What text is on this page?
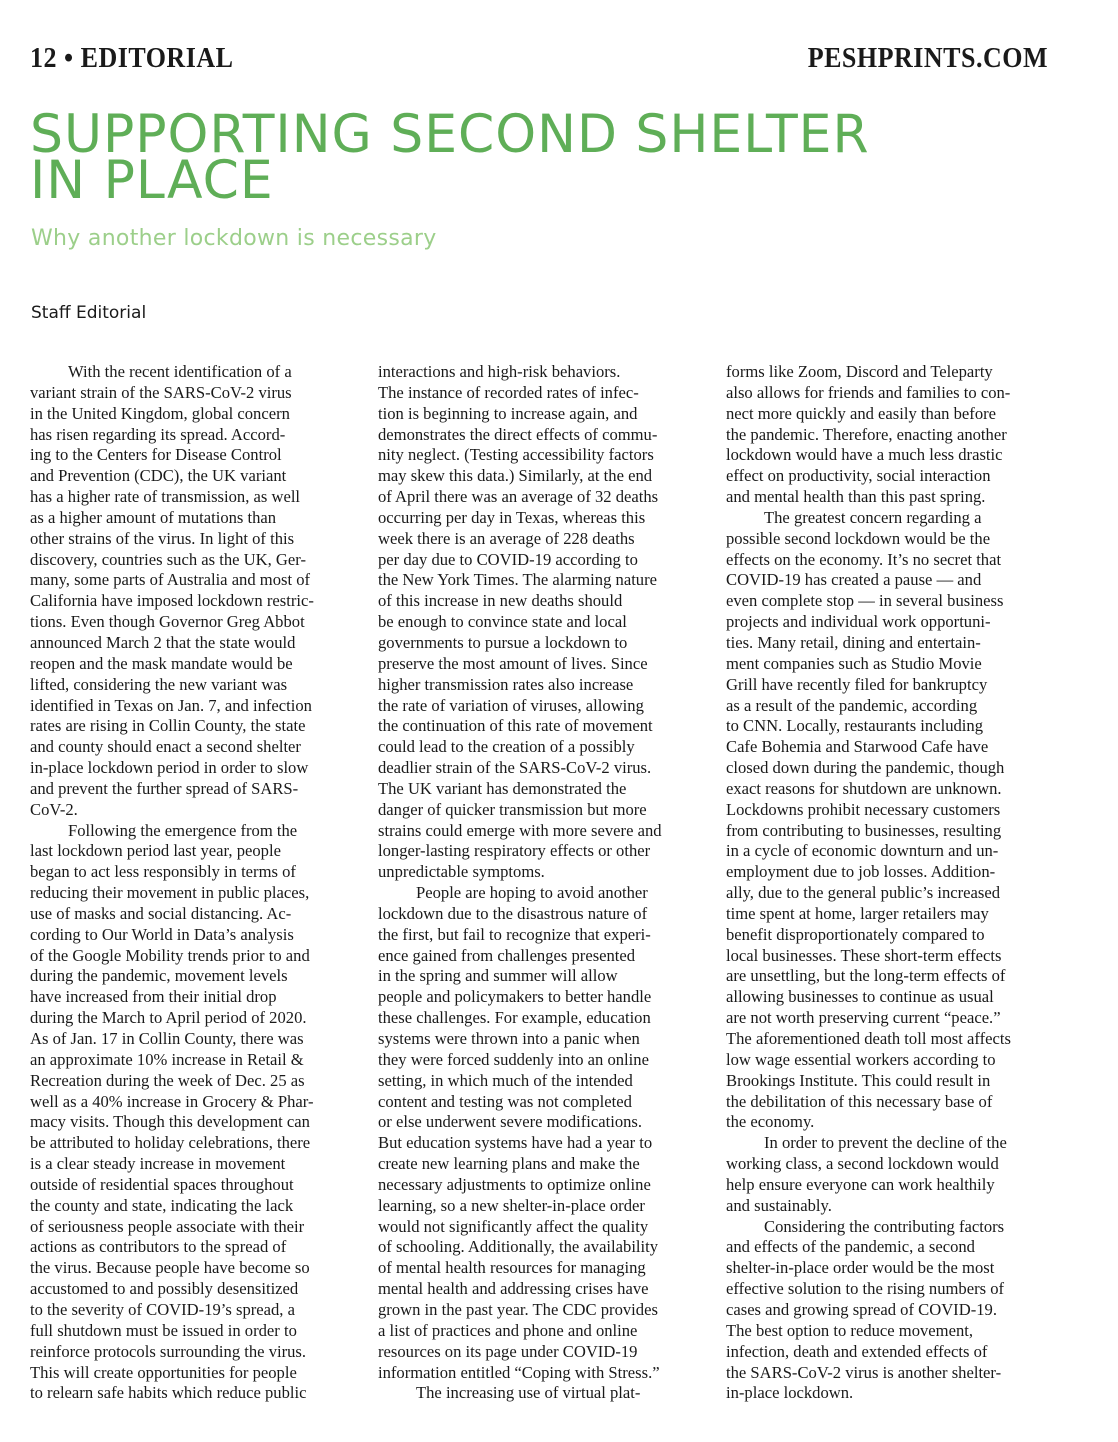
12 • EDITORIAL	PESHPRINTS.COM
SUPPORTING SECOND SHELTER
IN PLACE
Why another lockdown is necessary
Staff Editorial
With the recent identification of a
variant strain of the SARS-CoV-2 virus
in the United Kingdom, global concern
has risen regarding its spread. Accord-
ing to the Centers for Disease Control
and Prevention (CDC), the UK variant
has a higher rate of transmission, as well
as a higher amount of mutations than
other strains of the virus. In light of this
discovery, countries such as the UK, Ger-
many, some parts of Australia and most of
California have imposed lockdown restric-
tions. Even though Governor Greg Abbot
announced March 2 that the state would
reopen and the mask mandate would be
lifted, considering the new variant was
identified in Texas on Jan. 7, and infection
rates are rising in Collin County, the state
and county should enact a second shelter
in-place lockdown period in order to slow
and prevent the further spread of SARS-
CoV-2.
Following the emergence from the
last lockdown period last year, people
began to act less responsibly in terms of
reducing their movement in public places,
use of masks and social distancing. Ac-
cording to Our World in Data’s analysis
of the Google Mobility trends prior to and
during the pandemic, movement levels
have increased from their initial drop
during the March to April period of 2020.
As of Jan. 17 in Collin County, there was
an approximate 10% increase in Retail &
Recreation during the week of Dec. 25 as
well as a 40% increase in Grocery & Phar-
macy visits. Though this development can
be attributed to holiday celebrations, there
is a clear steady increase in movement
outside of residential spaces throughout
the county and state, indicating the lack
of seriousness people associate with their
actions as contributors to the spread of
the virus. Because people have become so
accustomed to and possibly desensitized
to the severity of COVID-19’s spread, a
full shutdown must be issued in order to
reinforce protocols surrounding the virus.
This will create opportunities for people
to relearn safe habits which reduce public
interactions and high-risk behaviors.
The instance of recorded rates of infec-
tion is beginning to increase again, and
demonstrates the direct effects of commu-
nity neglect. (Testing accessibility factors
may skew this data.) Similarly, at the end
of April there was an average of 32 deaths
occurring per day in Texas, whereas this
week there is an average of 228 deaths
per day due to COVID-19 according to
the New York Times. The alarming nature
of this increase in new deaths should
be enough to convince state and local
governments to pursue a lockdown to
preserve the most amount of lives. Since
higher transmission rates also increase
the rate of variation of viruses, allowing
the continuation of this rate of movement
could lead to the creation of a possibly
deadlier strain of the SARS-CoV-2 virus.
The UK variant has demonstrated the
danger of quicker transmission but more
strains could emerge with more severe and
longer-lasting respiratory effects or other
unpredictable symptoms.
People are hoping to avoid another
lockdown due to the disastrous nature of
the first, but fail to recognize that experi-
ence gained from challenges presented
in the spring and summer will allow
people and policymakers to better handle
these challenges. For example, education
systems were thrown into a panic when
they were forced suddenly into an online
setting, in which much of the intended
content and testing was not completed
or else underwent severe modifications.
But education systems have had a year to
create new learning plans and make the
necessary adjustments to optimize online
learning, so a new shelter-in-place order
would not significantly affect the quality
of schooling. Additionally, the availability
of mental health resources for managing
mental health and addressing crises have
grown in the past year. The CDC provides
a list of practices and phone and online
resources on its page under COVID-19
information entitled “Coping with Stress.”
The increasing use of virtual plat-
forms like Zoom, Discord and Teleparty
also allows for friends and families to con-
nect more quickly and easily than before
the pandemic. Therefore, enacting another
lockdown would have a much less drastic
effect on productivity, social interaction
and mental health than this past spring.
The greatest concern regarding a
possible second lockdown would be the
effects on the economy. It’s no secret that
COVID-19 has created a pause — and
even complete stop — in several business
projects and individual work opportuni-
ties. Many retail, dining and entertain-
ment companies such as Studio Movie
Grill have recently filed for bankruptcy
as a result of the pandemic, according
to CNN. Locally, restaurants including
Cafe Bohemia and Starwood Cafe have
closed down during the pandemic, though
exact reasons for shutdown are unknown.
Lockdowns prohibit necessary customers
from contributing to businesses, resulting
in a cycle of economic downturn and un-
employment due to job losses. Addition-
ally, due to the general public’s increased
time spent at home, larger retailers may
benefit disproportionately compared to
local businesses. These short-term effects
are unsettling, but the long-term effects of
allowing businesses to continue as usual
are not worth preserving current “peace.”
The aforementioned death toll most affects
low wage essential workers according to
Brookings Institute. This could result in
the debilitation of this necessary base of
the economy.
In order to prevent the decline of the
working class, a second lockdown would
help ensure everyone can work healthily
and sustainably.
Considering the contributing factors
and effects of the pandemic, a second
shelter-in-place order would be the most
effective solution to the rising numbers of
cases and growing spread of COVID-19.
The best option to reduce movement,
infection, death and extended effects of
the SARS-CoV-2 virus is another shelter-
in-place lockdown.
